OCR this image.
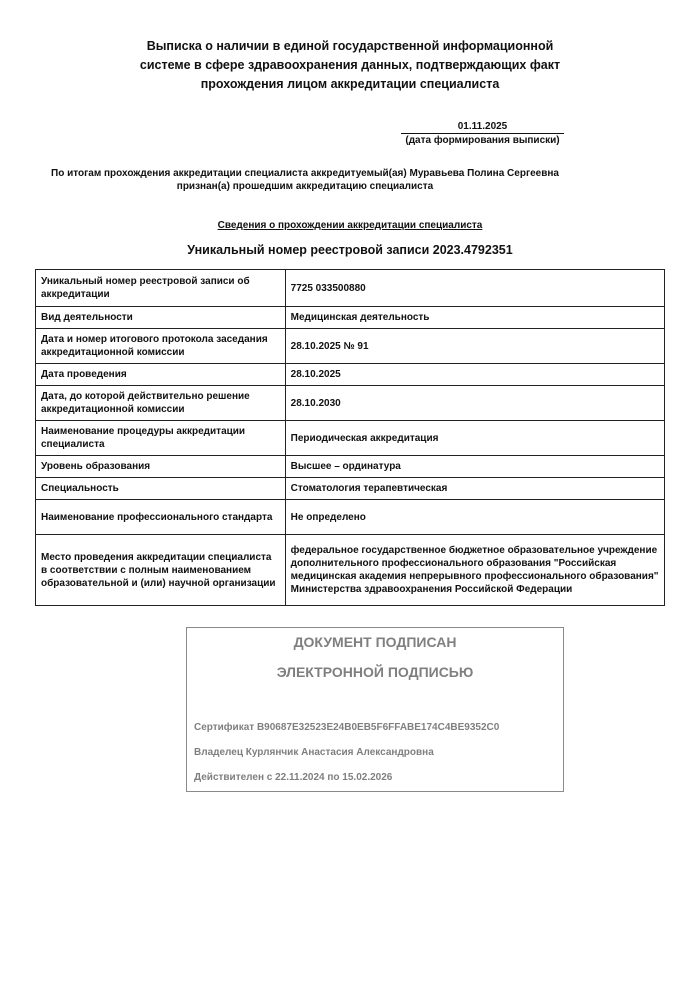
Выписка о наличии в единой государственной информационной
системе в сфере здравоохранения данных, подтверждающих факт
прохождения лицом аккредитации специалиста
01.11.2025
(дата формирования выписки)
По итогам прохождения аккредитации специалиста аккредитуемый(ая) Муравьева Полина Сергеевна
признан(а) прошедшим аккредитацию специалиста
Сведения о прохождении аккредитации специалиста
Уникальный номер реестровой записи 2023.4792351
Уникальный номер реестровой записи об аккредитации	7725 033500880
Вид деятельности	Медицинская деятельность
Дата и номер итогового протокола заседания аккредитационной комиссии	28.10.2025 № 91
Дата проведения	28.10.2025
Дата, до которой действительно решение аккредитационной комиссии	28.10.2030
Наименование процедуры аккредитации специалиста	Периодическая аккредитация
Уровень образования	Высшее – ординатура
Специальность	Стоматология терапевтическая
Наименование профессионального стандарта	Не определено
Место проведения аккредитации специалиста в соответствии с полным наименованием образовательной и (или) научной организации	федеральное государственное бюджетное образовательное учреждение дополнительного профессионального образования "Российская медицинская академия непрерывного профессионального образования" Министерства здравоохранения Российской Федерации
ДОКУМЕНТ ПОДПИСАН
ЭЛЕКТРОННОЙ ПОДПИСЬЮ
Сертификат B90687E32523E24B0EB5F6FFABE174C4BE9352C0
Владелец Курлянчик Анастасия Александровна
Действителен с 22.11.2024 по 15.02.2026
